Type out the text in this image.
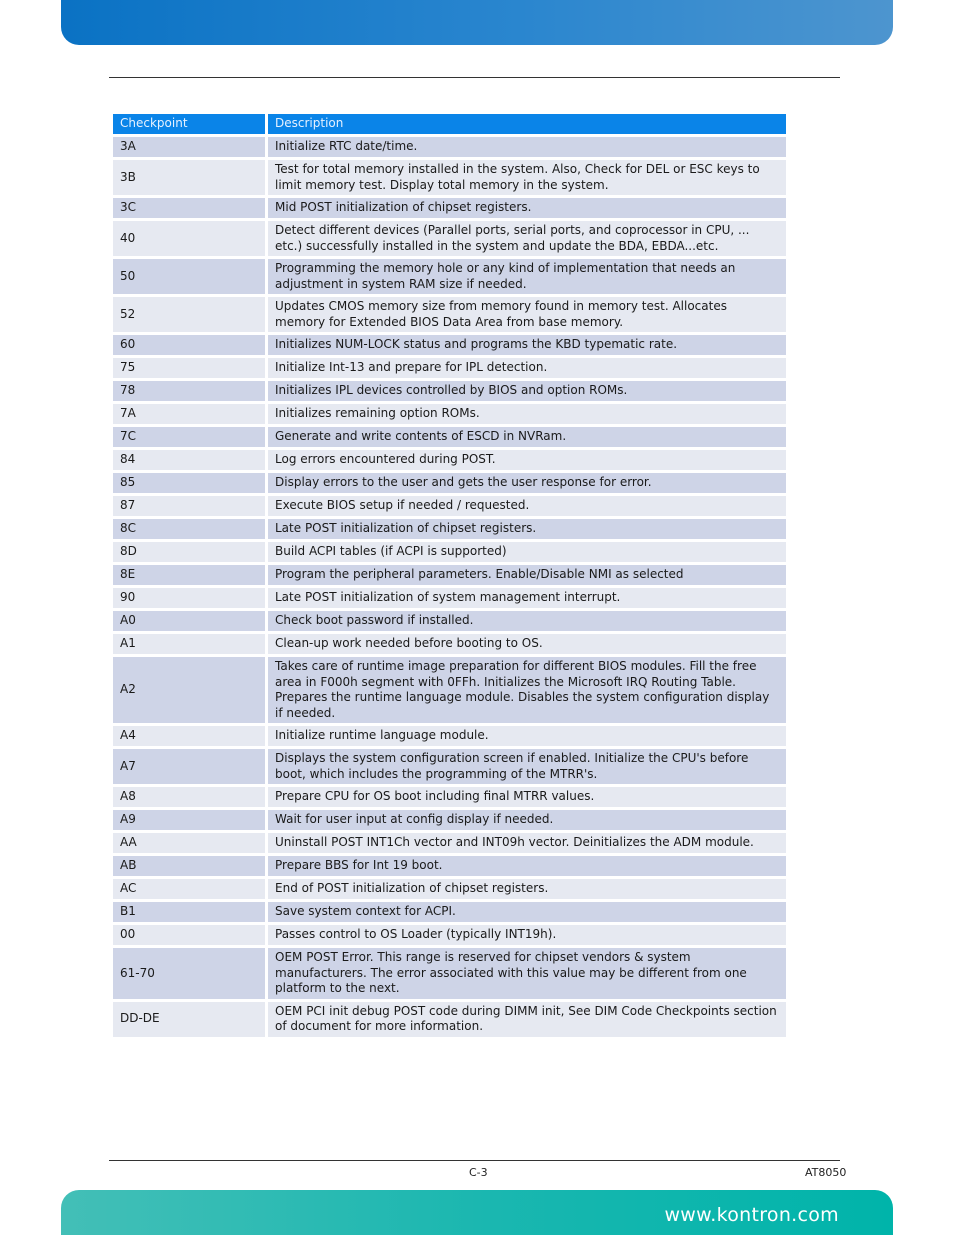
Checkpoint		Description
3A		Initialize RTC date/time.
3B		Test for total memory installed in the system. Also, Check for DEL or ESC keys to limit memory test. Display total memory in the system.
3C		Mid POST initialization of chipset registers.
40		Detect different devices (Parallel ports, serial ports, and coprocessor in CPU, ... etc.) successfully installed in the system and update the BDA, EBDA...etc.
50		Programming the memory hole or any kind of implementation that needs an adjustment in system RAM size if needed.
52		Updates CMOS memory size from memory found in memory test. Allocates memory for Extended BIOS Data Area from base memory.
60		Initializes NUM-LOCK status and programs the KBD typematic rate.
75		Initialize Int-13 and prepare for IPL detection.
78		Initializes IPL devices controlled by BIOS and option ROMs.
7A		Initializes remaining option ROMs.
7C		Generate and write contents of ESCD in NVRam.
84		Log errors encountered during POST.
85		Display errors to the user and gets the user response for error.
87		Execute BIOS setup if needed / requested.
8C		Late POST initialization of chipset registers.
8D		Build ACPI tables (if ACPI is supported)
8E		Program the peripheral parameters. Enable/Disable NMI as selected
90		Late POST initialization of system management interrupt.
A0		Check boot password if installed.
A1		Clean-up work needed before booting to OS.
A2		Takes care of runtime image preparation for different BIOS modules. Fill the free area in F000h segment with 0FFh. Initializes the Microsoft IRQ Routing Table. Prepares the runtime language module. Disables the system configuration display if needed.
A4		Initialize runtime language module.
A7		Displays the system configuration screen if enabled. Initialize the CPU's before boot, which includes the programming of the MTRR's.
A8		Prepare CPU for OS boot including final MTRR values.
A9		Wait for user input at config display if needed.
AA		Uninstall POST INT1Ch vector and INT09h vector. Deinitializes the ADM module.
AB		Prepare BBS for Int 19 boot.
AC		End of POST initialization of chipset registers.
B1		Save system context for ACPI.
00		Passes control to OS Loader (typically INT19h).
61-70		OEM POST Error. This range is reserved for chipset vendors & system manufacturers. The error associated with this value may be different from one platform to the next.
DD-DE		OEM PCI init debug POST code during DIMM init, See DIM Code Checkpoints section of document for more information.
C-3	AT8050
www.kontron.com
